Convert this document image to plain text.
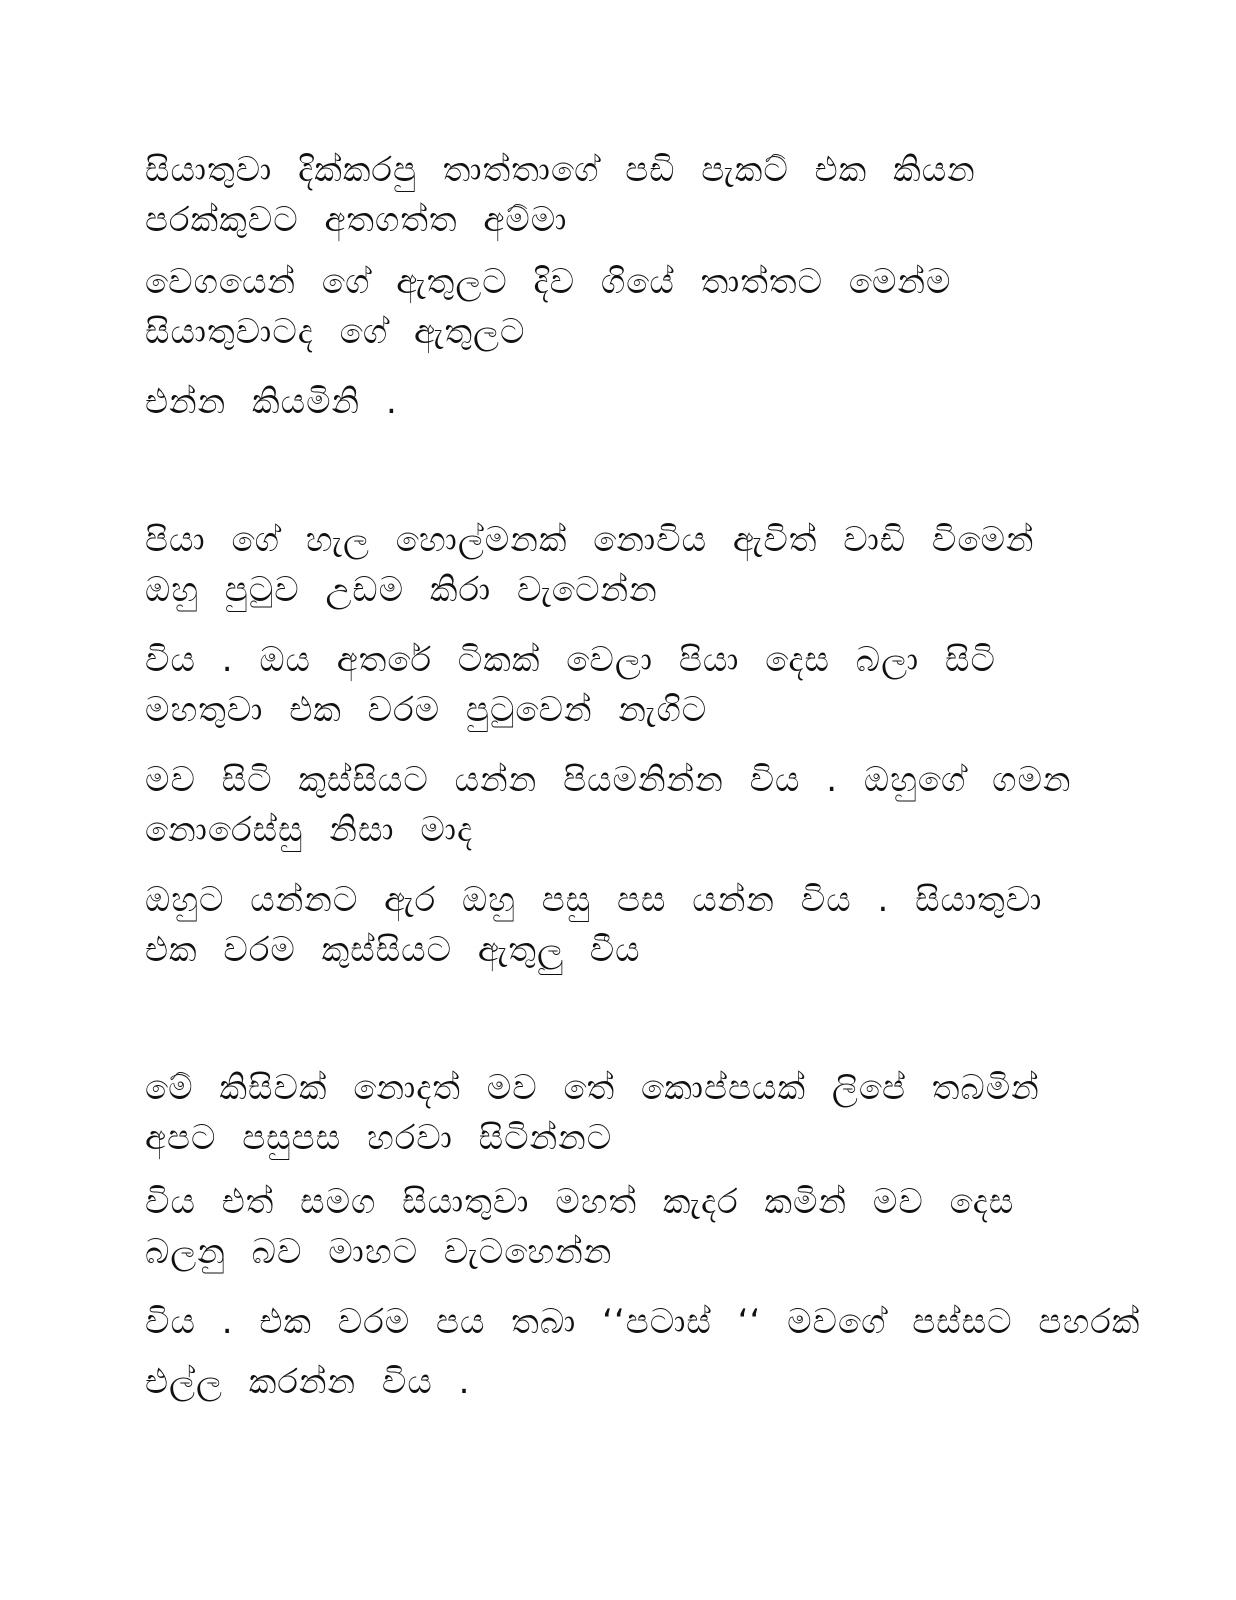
සියාතුවා දික්කරපු තාත්තාගේ පඩි පැකට් එක කියන
පරක්කුවට අතගත්ත අම්මා
වෙගයෙන් ගේ ඇතුලට දිව ගියේ තාත්තට මෙන්ම
සියාතුවාටද ගේ ඇතුලට
එන්න කියමිනි .
පියා ගේ හැල හොල්මනක් නොවිය ඇවිත් වාඩි විමෙන්
ඔහු පුටුව උඩම කිරා වැටෙන්න
විය . ඔය අතරේ ටිකක් වෙලා පියා දෙස බලා සිටි
මහතුවා එක වරම පුටුවෙන් නැගිට
මව සිටි කුස්සියට යන්න පියමනින්න විය . ඔහුගේ ගමන
නොරෙස්සු නිසා මාද
ඔහුට යන්නට ඇර ඔහු පසු පස යන්න විය . සියාතුවා
එක වරම කුස්සියට ඇතුලු වීය
මේ කිසිවක් නොදත් මව තේ කොප්පයක් ලිපේ තබමින්
අපට පසුපස හරවා සිටින්නට
විය එත් සමග සියාතුවා මහත් කැදර කමින් මව දෙස
බලනු බව මාහට වැටහෙන්න
විය . එක වරම පය තබා ‘‘පටාස් ‘‘ මවගේ පස්සට පහරක්
එල්ල කරන්න විය .
